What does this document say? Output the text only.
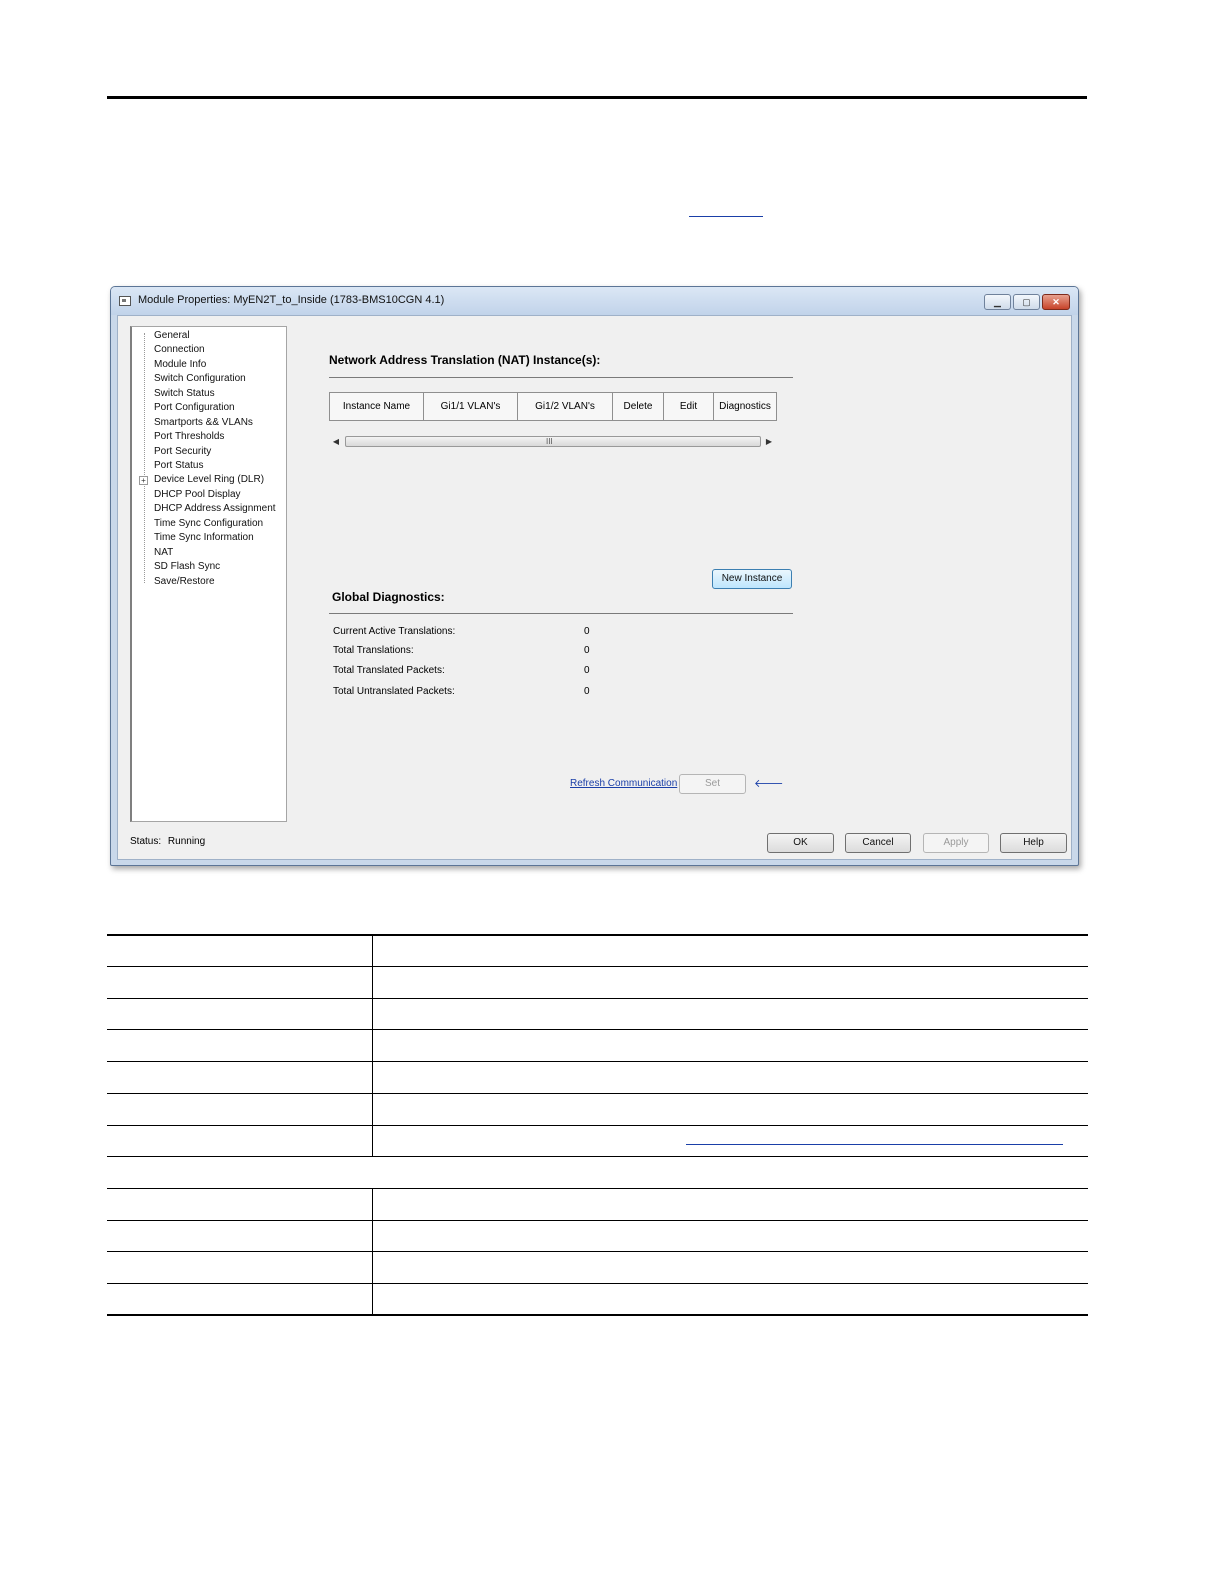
Module Properties: MyEN2T_to_Inside (1783-BMS10CGN 4.1)	▁	▢	✕
General
Connection
Module Info
Switch Configuration
Switch Status
Port Configuration
Smartports && VLANs
Port Thresholds
Port Security
Port Status
+ Device Level Ring (DLR)
DHCP Pool Display
DHCP Address Assignment
Time Sync Configuration
Time Sync Information
NAT
SD Flash Sync
Save/Restore
Network Address Translation (NAT) Instance(s):
Instance Name	Gi1/1 VLAN's	Gi1/2 VLAN's	Delete	Edit	Diagnostics
◀	III	▶
New Instance
Global Diagnostics:
Current Active Translations:	0
Total Translations:	0
Total Translated Packets:	0
Total Untranslated Packets:	0
Refresh Communication	Set	🡐
Status: Running	OK	Cancel	Apply	Help
